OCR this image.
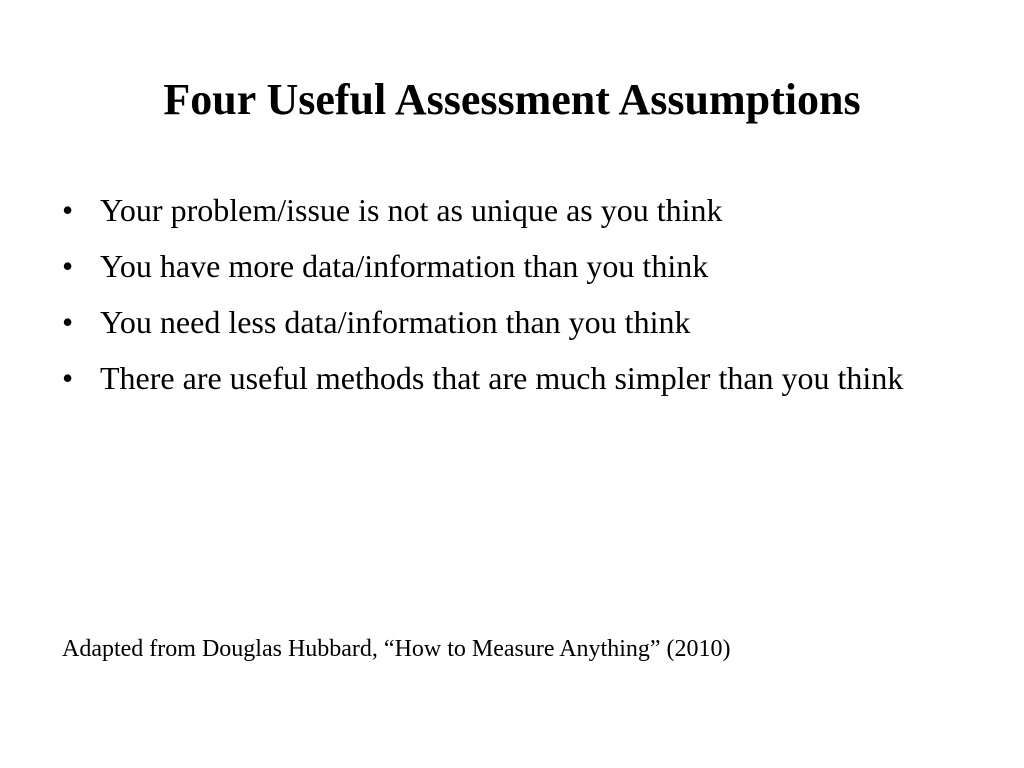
Four Useful Assessment Assumptions
• Your problem/issue is not as unique as you think
• You have more data/information than you think
• You need less data/information than you think
• There are useful methods that are much simpler than you think

Adapted from Douglas Hubbard, “How to Measure Anything” (2010)
